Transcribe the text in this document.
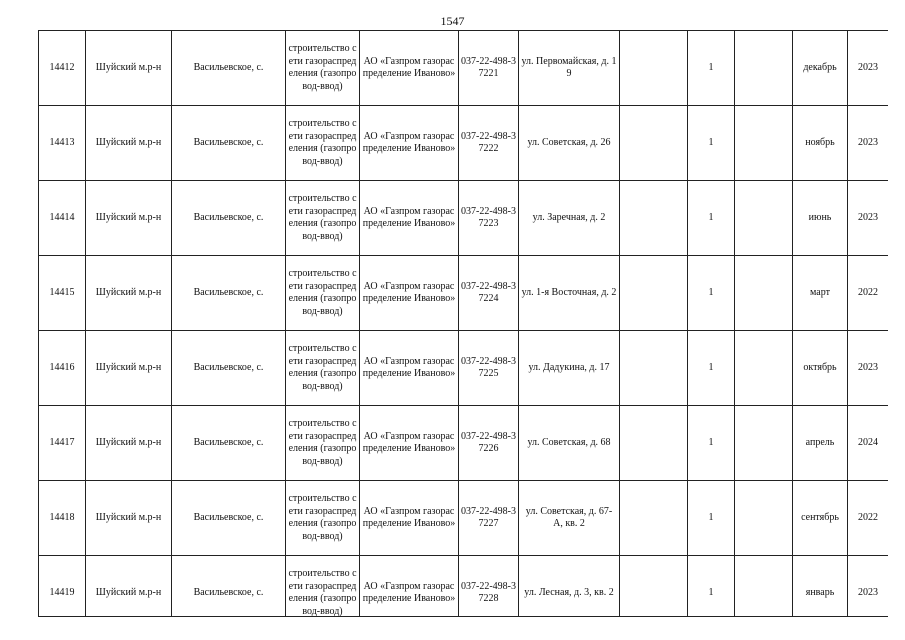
1547
14412	Шуйский м.р-н	Васильевское, с.	строительство сети газораспределения (газопровод-ввод)	АО «Газпром газораспределение Иваново»	037-22-498-37221	ул. Первомайская, д. 19		1		декабрь	2023
14413	Шуйский м.р-н	Васильевское, с.	строительство сети газораспределения (газопровод-ввод)	АО «Газпром газораспределение Иваново»	037-22-498-37222	ул. Советская, д. 26		1		ноябрь	2023
14414	Шуйский м.р-н	Васильевское, с.	строительство сети газораспределения (газопровод-ввод)	АО «Газпром газораспределение Иваново»	037-22-498-37223	ул. Заречная, д. 2		1		июнь	2023
14415	Шуйский м.р-н	Васильевское, с.	строительство сети газораспределения (газопровод-ввод)	АО «Газпром газораспределение Иваново»	037-22-498-37224	ул. 1-я Восточная, д. 2		1		март	2022
14416	Шуйский м.р-н	Васильевское, с.	строительство сети газораспределения (газопровод-ввод)	АО «Газпром газораспределение Иваново»	037-22-498-37225	ул. Дадукина, д. 17		1		октябрь	2023
14417	Шуйский м.р-н	Васильевское, с.	строительство сети газораспределения (газопровод-ввод)	АО «Газпром газораспределение Иваново»	037-22-498-37226	ул. Советская, д. 68		1		апрель	2024
14418	Шуйский м.р-н	Васильевское, с.	строительство сети газораспределения (газопровод-ввод)	АО «Газпром газораспределение Иваново»	037-22-498-37227	ул. Советская, д. 67-А, кв. 2		1		сентябрь	2022
14419	Шуйский м.р-н	Васильевское, с.	строительство сети газораспределения (газопровод-ввод)	АО «Газпром газораспределение Иваново»	037-22-498-37228	ул. Лесная, д. 3, кв. 2		1		январь	2023
